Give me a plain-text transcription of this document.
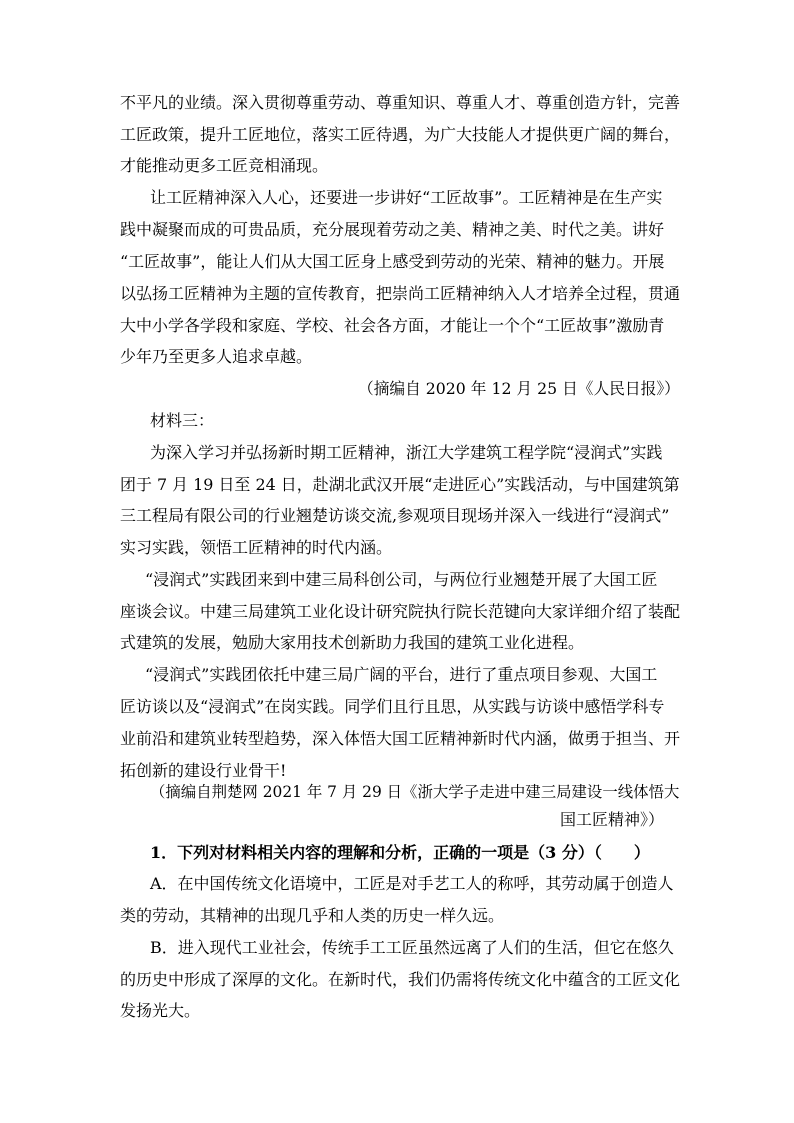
不平凡的业绩。深入贯彻尊重劳动、尊重知识、尊重人才、尊重创造方针，完善
工匠政策，提升工匠地位，落实工匠待遇，为广大技能人才提供更广阔的舞台，
才能推动更多工匠竞相涌现。
让工匠精神深入人心，还要进一步讲好“工匠故事”。工匠精神是在生产实
践中凝聚而成的可贵品质，充分展现着劳动之美、精神之美、时代之美。讲好
“工匠故事”，能让人们从大国工匠身上感受到劳动的光荣、精神的魅力。开展
以弘扬工匠精神为主题的宣传教育，把崇尚工匠精神纳入人才培养全过程，贯通
大中小学各学段和家庭、学校、社会各方面，才能让一个个“工匠故事”激励青
少年乃至更多人追求卓越。
（摘编自 2020 年 12 月 25 日《人民日报》）
材料三：
为深入学习并弘扬新时期工匠精神，浙江大学建筑工程学院“浸润式”实践
团于 7 月 19 日至 24 日，赴湖北武汉开展“走进匠心”实践活动，与中国建筑第
三工程局有限公司的行业翘楚访谈交流,参观项目现场并深入一线进行“浸润式”
实习实践，领悟工匠精神的时代内涵。
“浸润式”实践团来到中建三局科创公司，与两位行业翘楚开展了大国工匠
座谈会议。中建三局建筑工业化设计研究院执行院长范键向大家详细介绍了装配
式建筑的发展，勉励大家用技术创新助力我国的建筑工业化进程。
“浸润式”实践团依托中建三局广阔的平台，进行了重点项目参观、大国工
匠访谈以及“浸润式”在岗实践。同学们且行且思，从实践与访谈中感悟学科专
业前沿和建筑业转型趋势，深入体悟大国工匠精神新时代内涵，做勇于担当、开
拓创新的建设行业骨干!
（摘编自荆楚网 2021 年 7 月 29 日《浙大学子走进中建三局建设一线体悟大
国工匠精神》）
1．下列对材料相关内容的理解和分析，正确的一项是（3 分）（　　）
A．在中国传统文化语境中，工匠是对手艺工人的称呼，其劳动属于创造人
类的劳动，其精神的出现几乎和人类的历史一样久远。
B．进入现代工业社会，传统手工工匠虽然远离了人们的生活，但它在悠久
的历史中形成了深厚的文化。在新时代，我们仍需将传统文化中蕴含的工匠文化
发扬光大。
